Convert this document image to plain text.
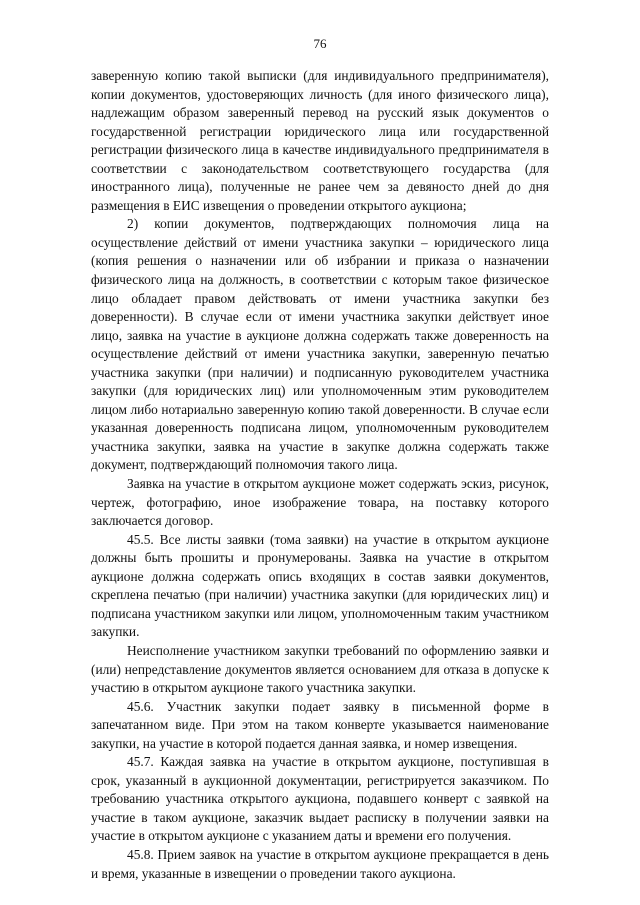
76

заверенную копию такой выписки (для индивидуального предпринимателя), копии документов, удостоверяющих личность (для иного физического лица), надлежащим образом заверенный перевод на русский язык документов о государственной регистрации юридического лица или государственной регистрации физического лица в качестве индивидуального предпринимателя в соответствии с законодательством соответствующего государства (для иностранного лица), полученные не ранее чем за девяносто дней до дня размещения в ЕИС извещения о проведении открытого аукциона;

2) копии документов, подтверждающих полномочия лица на осуществление действий от имени участника закупки – юридического лица (копия решения о назначении или об избрании и приказа о назначении физического лица на должность, в соответствии с которым такое физическое лицо обладает правом действовать от имени участника закупки без доверенности). В случае если от имени участника закупки действует иное лицо, заявка на участие в аукционе должна содержать также доверенность на осуществление действий от имени участника закупки, заверенную печатью участника закупки (при наличии) и подписанную руководителем участника закупки (для юридических лиц) или уполномоченным этим руководителем лицом либо нотариально заверенную копию такой доверенности. В случае если указанная доверенность подписана лицом, уполномоченным руководителем участника закупки, заявка на участие в закупке должна содержать также документ, подтверждающий полномочия такого лица.

Заявка на участие в открытом аукционе может содержать эскиз, рисунок, чертеж, фотографию, иное изображение товара, на поставку которого заключается договор.

45.5. Все листы заявки (тома заявки) на участие в открытом аукционе должны быть прошиты и пронумерованы. Заявка на участие в открытом аукционе должна содержать опись входящих в состав заявки документов, скреплена печатью (при наличии) участника закупки (для юридических лиц) и подписана участником закупки или лицом, уполномоченным таким участником закупки.

Неисполнение участником закупки требований по оформлению заявки и (или) непредставление документов является основанием для отказа в допуске к участию в открытом аукционе такого участника закупки.

45.6. Участник закупки подает заявку в письменной форме в запечатанном виде. При этом на таком конверте указывается наименование закупки, на участие в которой подается данная заявка, и номер извещения.

45.7. Каждая заявка на участие в открытом аукционе, поступившая в срок, указанный в аукционной документации, регистрируется заказчиком. По требованию участника открытого аукциона, подавшего конверт с заявкой на участие в таком аукционе, заказчик выдает расписку в получении заявки на участие в открытом аукционе с указанием даты и времени его получения.

45.8. Прием заявок на участие в открытом аукционе прекращается в день и время, указанные в извещении о проведении такого аукциона.
